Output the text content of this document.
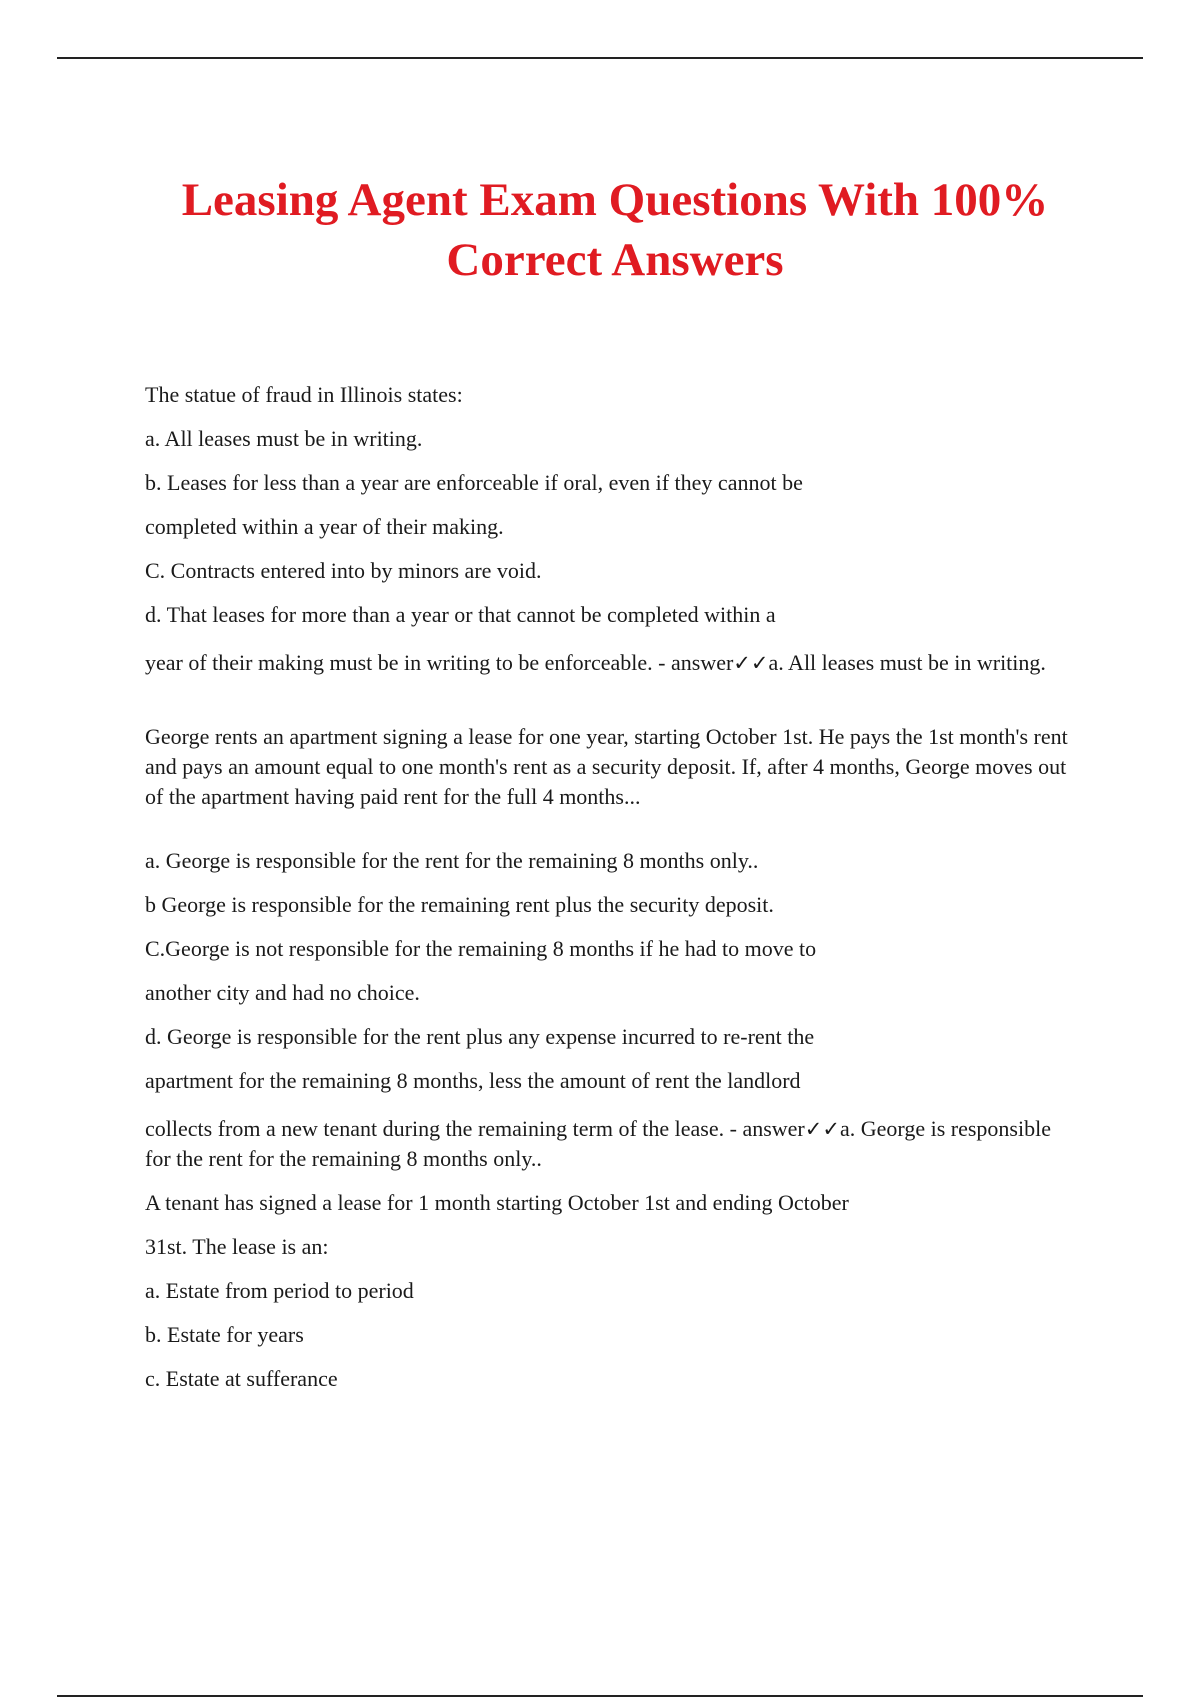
Leasing Agent Exam Questions With 100%
Correct Answers
The statue of fraud in Illinois states:
a. All leases must be in writing.
b. Leases for less than a year are enforceable if oral, even if they cannot be
completed within a year of their making.
C. Contracts entered into by minors are void.
d. That leases for more than a year or that cannot be completed within a
year of their making must be in writing to be enforceable. - answer✓✓a. All leases must be in writing.
George rents an apartment signing a lease for one year, starting October 1st. He pays the 1st month's rent and pays an amount equal to one month's rent as a security deposit. If, after 4 months, George moves out of the apartment having paid rent for the full 4 months...
a. George is responsible for the rent for the remaining 8 months only..
b George is responsible for the remaining rent plus the security deposit.
C.George is not responsible for the remaining 8 months if he had to move to
another city and had no choice.
d. George is responsible for the rent plus any expense incurred to re-rent the
apartment for the remaining 8 months, less the amount of rent the landlord
collects from a new tenant during the remaining term of the lease. - answer✓✓a. George is responsible for the rent for the remaining 8 months only..
A tenant has signed a lease for 1 month starting October 1st and ending October
31st. The lease is an:
a. Estate from period to period
b. Estate for years
c. Estate at sufferance
